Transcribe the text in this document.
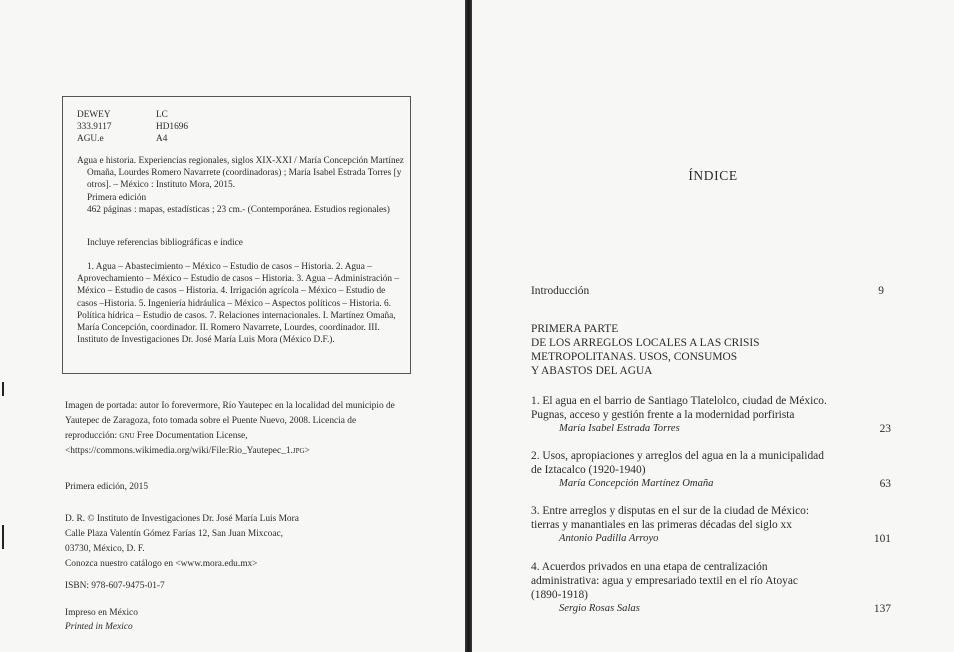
DEWEY	LC
333.9117	HD1696
AGU.e	A4

Agua e historia. Experiencias regionales, siglos XIX-XXI / María Concepción Martínez Omaña, Lourdes Romero Navarrete (coordinadoras) ; María Isabel Estrada Torres [y otros]. – México : Instituto Mora, 2015.

Primera edición

462 páginas : mapas, estadísticas ; 23 cm.- (Contemporánea. Estudios regionales)

Incluye referencias bibliográficas e índice

1. Agua – Abastecimiento – México – Estudio de casos – Historia. 2. Agua – Aprovechamiento – México – Estudio de casos – Historia. 3. Agua – Administración – México – Estudio de casos – Historia. 4. Irrigación agrícola – México – Estudio de casos –Historia. 5. Ingeniería hidráulica – México – Aspectos políticos – Historia. 6. Política hídrica – Estudio de casos. 7. Relaciones internacionales. I. Martínez Omaña, María Concepción, coordinador. II. Romero Navarrete, Lourdes, coordinador. III. Instituto de Investigaciones Dr. José María Luis Mora (México D.F.).

Imagen de portada: autor Io forevermore, Río Yautepec en la localidad del municipio de Yautepec de Zaragoza, foto tomada sobre el Puente Nuevo, 2008. Licencia de reproducción: gnu Free Documentation License, <https://commons.wikimedia.org/wiki/File:Rio_Yautepec_1.jpg>

Primera edición, 2015

D. R. © Instituto de Investigaciones Dr. José María Luis Mora

Calle Plaza Valentín Gómez Farías 12, San Juan Mixcoac,

03730, México, D. F.

Conozca nuestro catálogo en <www.mora.edu.mx>

ISBN: 978-607-9475-01-7

Impreso en México

Printed in Mexico

ÍNDICE
Introducción	9
PRIMERA PARTE
DE LOS ARREGLOS LOCALES A LAS CRISIS
METROPOLITANAS. USOS, CONSUMOS
Y ABASTOS DEL AGUA
1. El agua en el barrio de Santiago Tlatelolco, ciudad de México.
Pugnas, acceso y gestión frente a la modernidad porfirista
María Isabel Estrada Torres	23
2. Usos, apropiaciones y arreglos del agua en la a municipalidad
de Iztacalco (1920-1940)
María Concepción Martínez Omaña	63
3. Entre arreglos y disputas en el sur de la ciudad de México:
tierras y manantiales en las primeras décadas del siglo xx
Antonio Padilla Arroyo	101
4. Acuerdos privados en una etapa de centralización
administrativa: agua y empresariado textil en el río Atoyac
(1890-1918)
Sergio Rosas Salas	137
